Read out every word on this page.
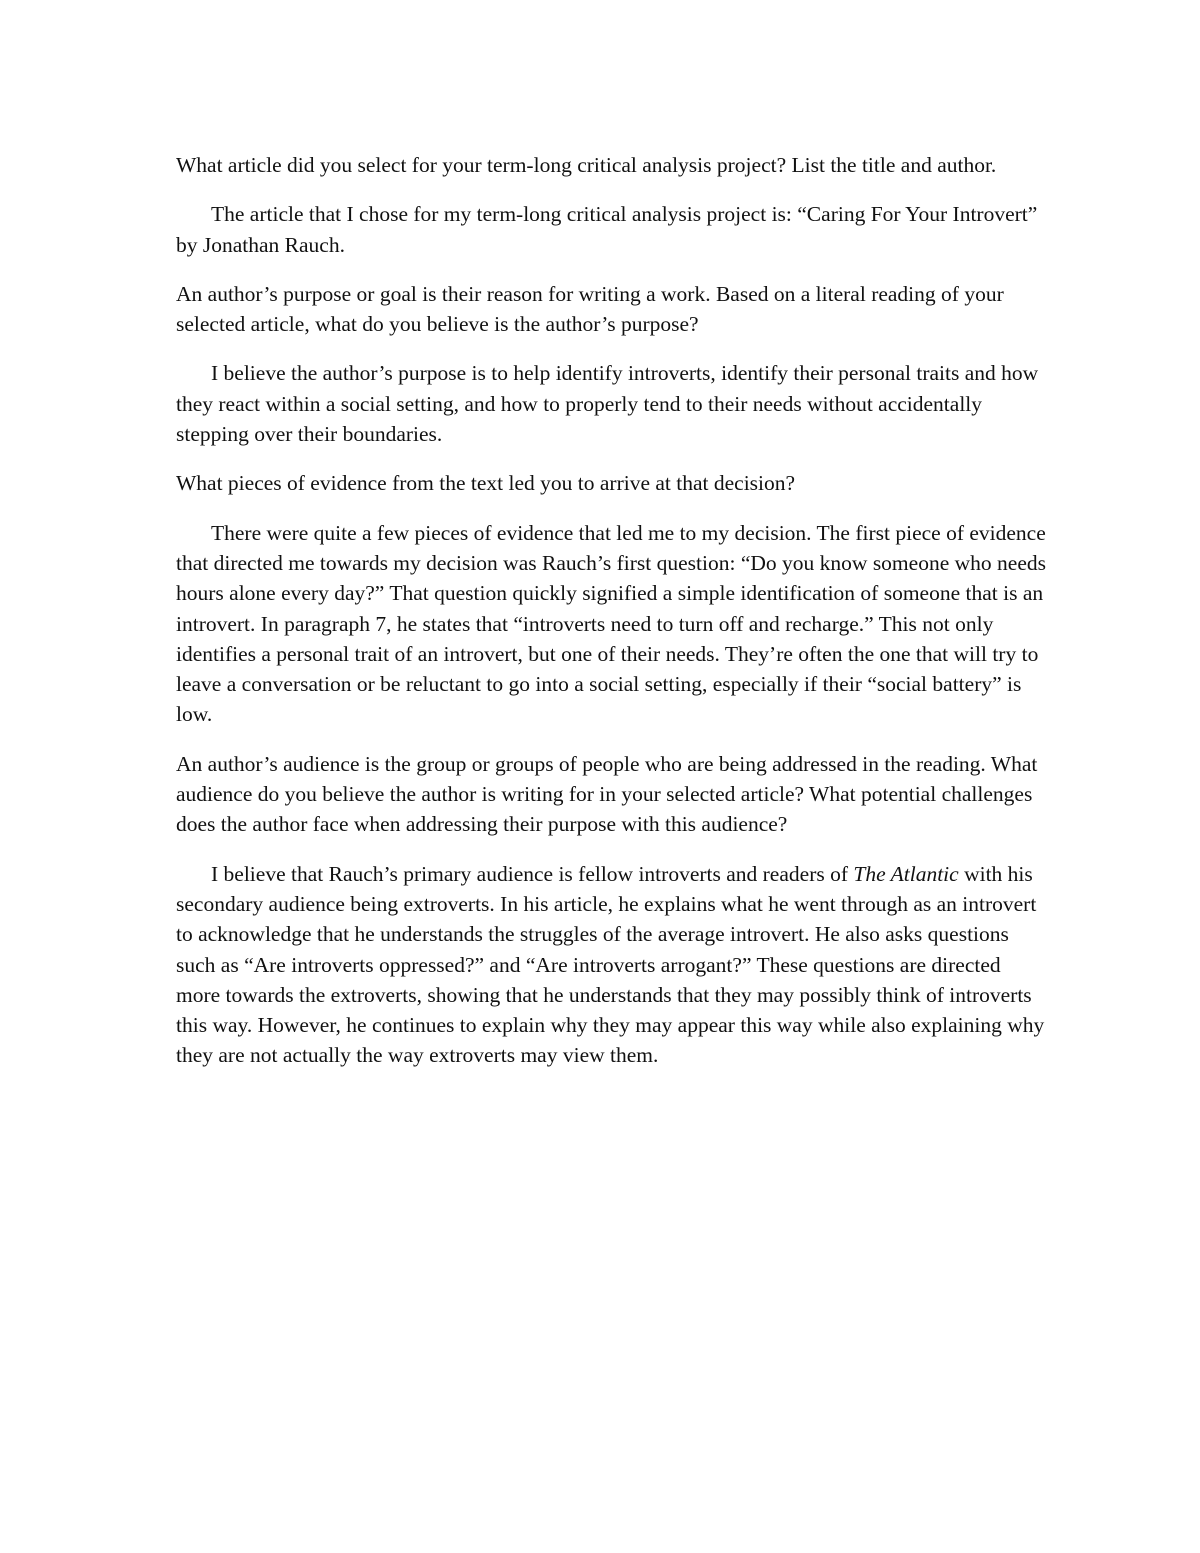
What article did you select for your term-long critical analysis project? List the title and author.

The article that I chose for my term-long critical analysis project is: “Caring For Your Introvert” by Jonathan Rauch.

An author’s purpose or goal is their reason for writing a work. Based on a literal reading of your selected article, what do you believe is the author’s purpose?

I believe the author’s purpose is to help identify introverts, identify their personal traits and how they react within a social setting, and how to properly tend to their needs without accidentally stepping over their boundaries.

What pieces of evidence from the text led you to arrive at that decision?

There were quite a few pieces of evidence that led me to my decision. The first piece of evidence that directed me towards my decision was Rauch’s first question: “Do you know someone who needs hours alone every day?” That question quickly signified a simple identification of someone that is an introvert. In paragraph 7, he states that “introverts need to turn off and recharge.” This not only identifies a personal trait of an introvert, but one of their needs. They’re often the one that will try to leave a conversation or be reluctant to go into a social setting, especially if their “social battery” is low.

An author’s audience is the group or groups of people who are being addressed in the reading. What audience do you believe the author is writing for in your selected article? What potential challenges does the author face when addressing their purpose with this audience?

I believe that Rauch’s primary audience is fellow introverts and readers of The Atlantic with his secondary audience being extroverts. In his article, he explains what he went through as an introvert to acknowledge that he understands the struggles of the average introvert. He also asks questions such as “Are introverts oppressed?” and “Are introverts arrogant?” These questions are directed more towards the extroverts, showing that he understands that they may possibly think of introverts this way. However, he continues to explain why they may appear this way while also explaining why they are not actually the way extroverts may view them.
